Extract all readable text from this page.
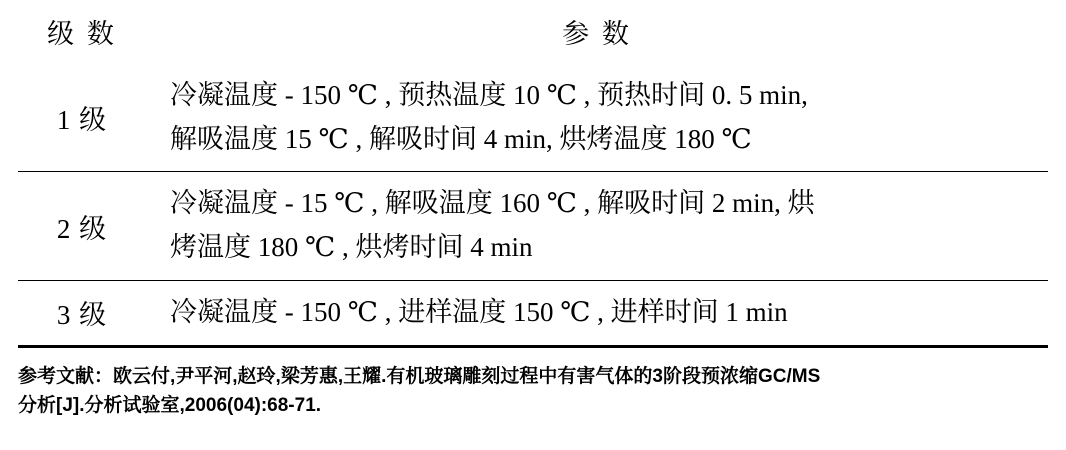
级 数	参 数
1 级	冷凝温度 - 150 ℃ , 预热温度 10 ℃ , 预热时间 0. 5 min,
解吸温度 15 ℃ , 解吸时间 4 min, 烘烤温度 180 ℃

2 级	冷凝温度 - 15 ℃ , 解吸温度 160 ℃ , 解吸时间 2 min, 烘
烤温度 180 ℃ , 烘烤时间 4 min

3 级	冷凝温度 - 150 ℃ , 进样温度 150 ℃ , 进样时间 1 min
参考文献：欧云付,尹平河,赵玲,梁芳惠,王耀.有机玻璃雕刻过程中有害气体的3阶段预浓缩GC/MS
分析[J].分析试验室,2006(04):68-71.
